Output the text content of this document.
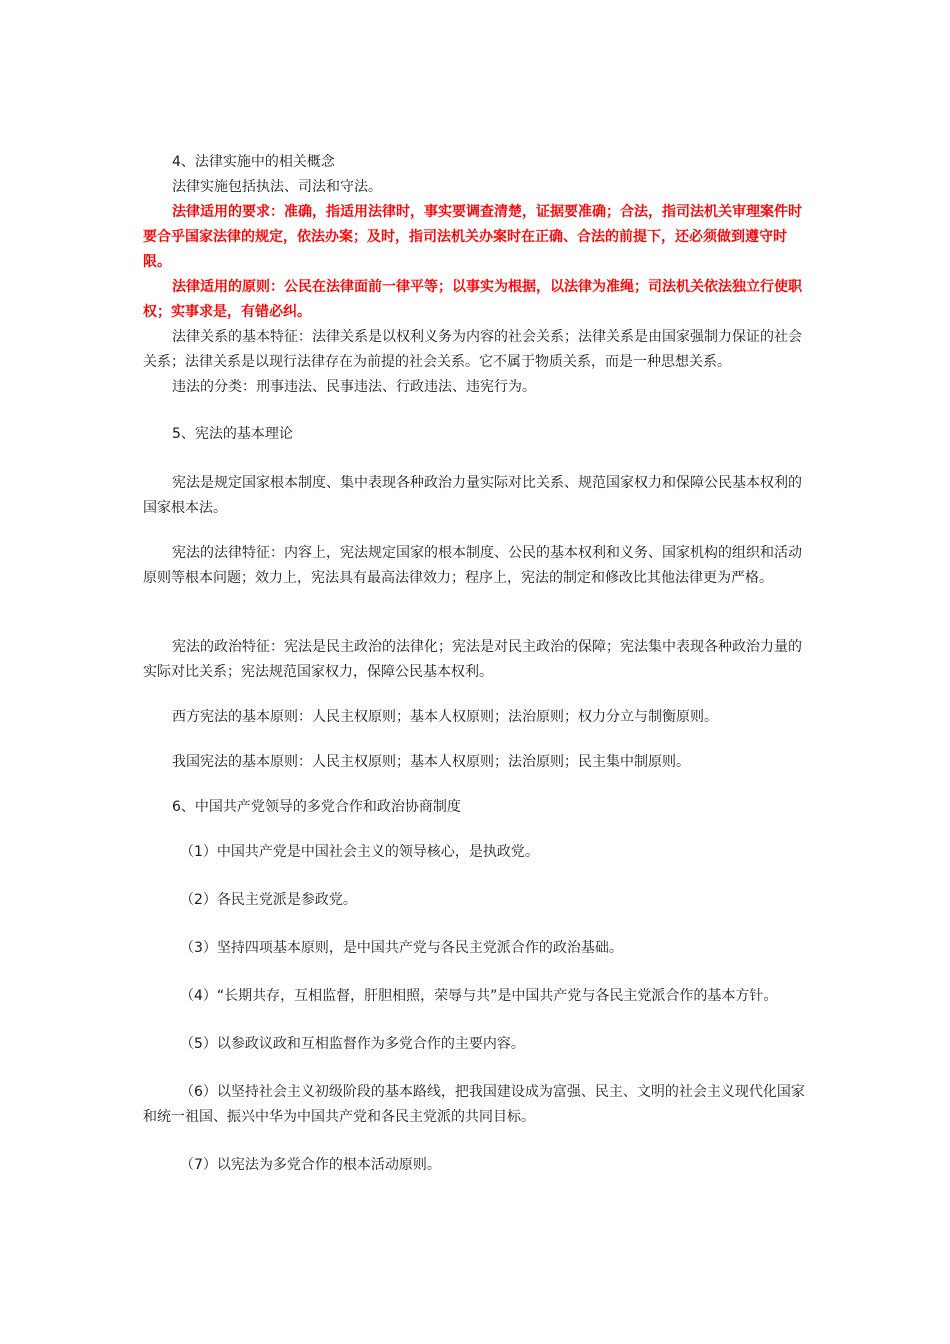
4、法律实施中的相关概念

法律实施包括执法、司法和守法。

法律适用的要求：准确，指适用法律时，事实要调查清楚，证据要准确；合法，指司法机关审理案件时要合乎国家法律的规定，依法办案；及时，指司法机关办案时在正确、合法的前提下，还必须做到遵守时限。

法律适用的原则：公民在法律面前一律平等；以事实为根据，以法律为准绳；司法机关依法独立行使职权；实事求是，有错必纠。

法律关系的基本特征：法律关系是以权利义务为内容的社会关系；法律关系是由国家强制力保证的社会关系；法律关系是以现行法律存在为前提的社会关系。它不属于物质关系，而是一种思想关系。

违法的分类：刑事违法、民事违法、行政违法、违宪行为。

5、宪法的基本理论

宪法是规定国家根本制度、集中表现各种政治力量实际对比关系、规范国家权力和保障公民基本权利的国家根本法。

宪法的法律特征：内容上，宪法规定国家的根本制度、公民的基本权利和义务、国家机构的组织和活动原则等根本问题；效力上，宪法具有最高法律效力；程序上，宪法的制定和修改比其他法律更为严格。

宪法的政治特征：宪法是民主政治的法律化；宪法是对民主政治的保障；宪法集中表现各种政治力量的实际对比关系；宪法规范国家权力，保障公民基本权利。

西方宪法的基本原则：人民主权原则；基本人权原则；法治原则；权力分立与制衡原则。

我国宪法的基本原则：人民主权原则；基本人权原则；法治原则；民主集中制原则。

6、中国共产党领导的多党合作和政治协商制度

（1）中国共产党是中国社会主义的领导核心，是执政党。

（2）各民主党派是参政党。

（3）坚持四项基本原则，是中国共产党与各民主党派合作的政治基础。

（4）“长期共存，互相监督，肝胆相照，荣辱与共”是中国共产党与各民主党派合作的基本方针。

（5）以参政议政和互相监督作为多党合作的主要内容。

（6）以坚持社会主义初级阶段的基本路线，把我国建设成为富强、民主、文明的社会主义现代化国家和统一祖国、振兴中华为中国共产党和各民主党派的共同目标。

（7）以宪法为多党合作的根本活动原则。
